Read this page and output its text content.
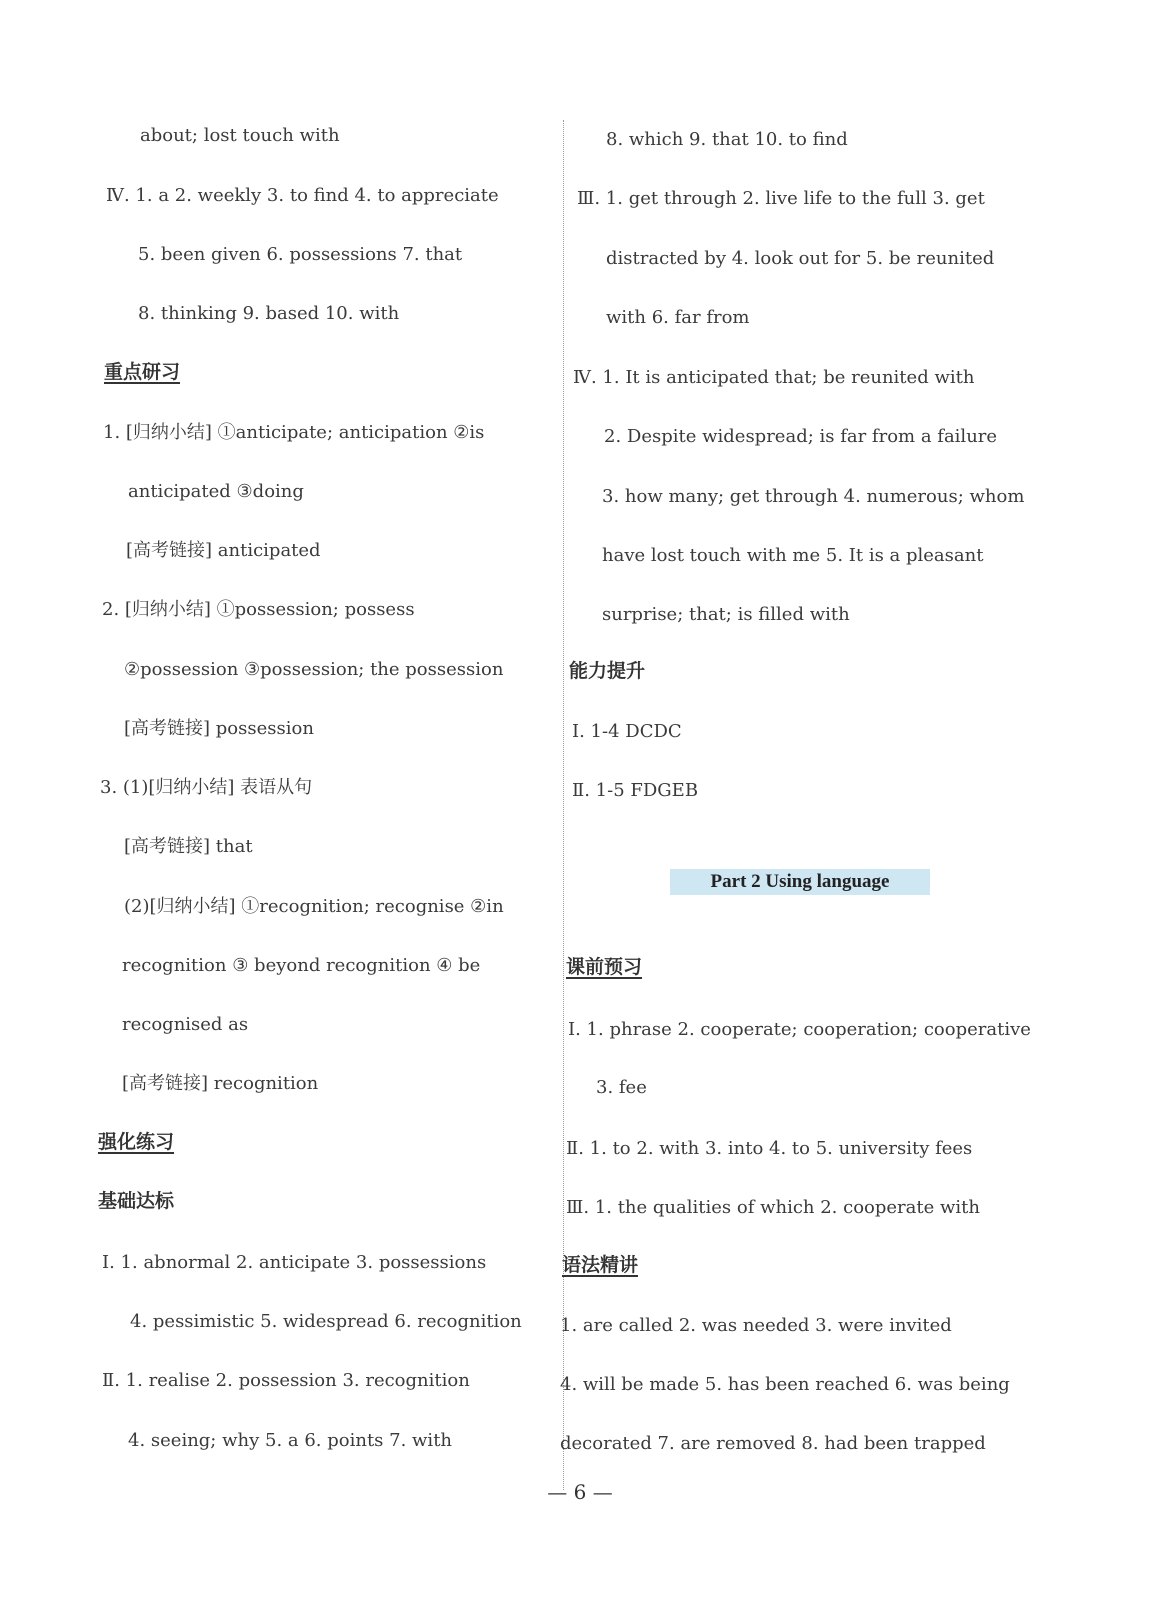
about; lost touch with
Ⅳ. 1. a 2. weekly 3. to find 4. to appreciate
5. been given 6. possessions 7. that
8. thinking 9. based 10. with
重点研习
1. [归纳小结] ①anticipate; anticipation ②is
anticipated ③doing
[高考链接] anticipated
2. [归纳小结] ①possession; possess
②possession ③possession; the possession
[高考链接] possession
3. (1)[归纳小结] 表语从句
[高考链接] that
(2)[归纳小结] ①recognition; recognise ②in
recognition ③ beyond recognition ④ be
recognised as
[高考链接] recognition
强化练习
基础达标
Ⅰ. 1. abnormal 2. anticipate 3. possessions
4. pessimistic 5. widespread 6. recognition
Ⅱ. 1. realise 2. possession 3. recognition
4. seeing; why 5. a 6. points 7. with
8. which 9. that 10. to find
Ⅲ. 1. get through 2. live life to the full 3. get
distracted by 4. look out for 5. be reunited
with 6. far from
Ⅳ. 1. It is anticipated that; be reunited with
2. Despite widespread; is far from a failure
3. how many; get through 4. numerous; whom
have lost touch with me 5. It is a pleasant
surprise; that; is filled with
能力提升
Ⅰ. 1-4 DCDC
Ⅱ. 1-5 FDGEB
Part 2 Using language
课前预习
Ⅰ. 1. phrase 2. cooperate; cooperation; cooperative
3. fee
Ⅱ. 1. to 2. with 3. into 4. to 5. university fees
Ⅲ. 1. the qualities of which 2. cooperate with
语法精讲
1. are called 2. was needed 3. were invited
4. will be made 5. has been reached 6. was being
decorated 7. are removed 8. had been trapped
— 6 —
